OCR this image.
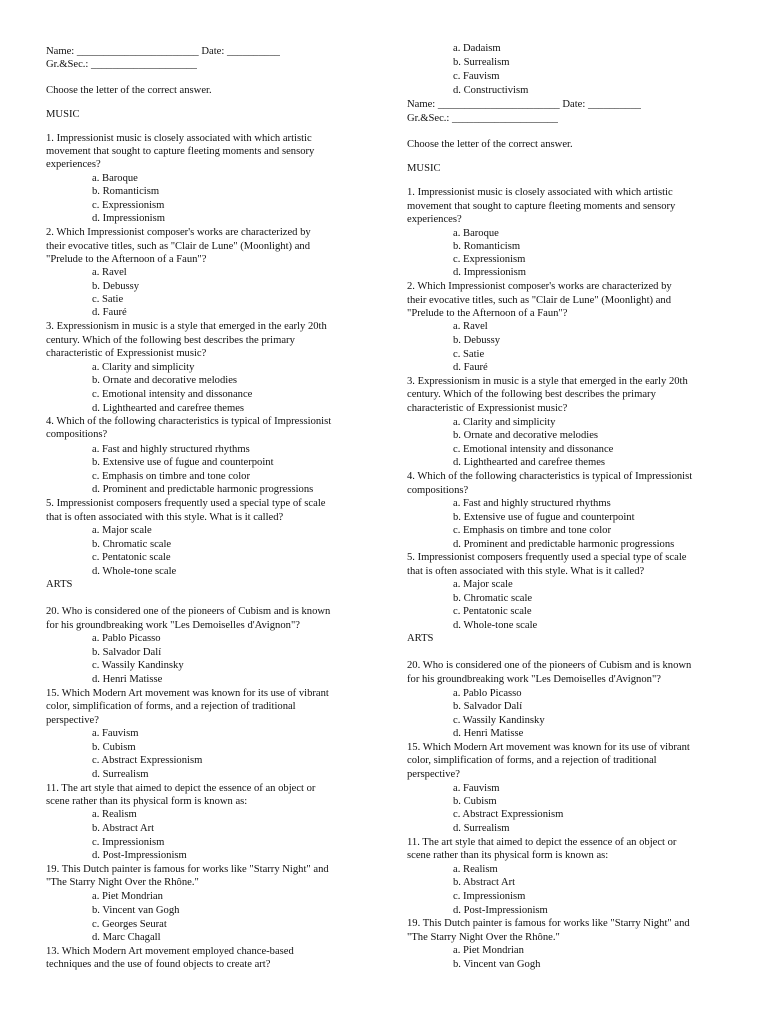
Name: _______________________ Date: __________
Gr.&Sec.: ____________________
Choose the letter of the correct answer.
MUSIC
1. Impressionist music is closely associated with which artistic
movement that sought to capture fleeting moments and sensory
experiences?
a. Baroque
b. Romanticism
c. Expressionism
d. Impressionism
2. Which Impressionist composer's works are characterized by
their evocative titles, such as "Clair de Lune" (Moonlight) and
"Prelude to the Afternoon of a Faun"?
a. Ravel
b. Debussy
c. Satie
d. Fauré
3. Expressionism in music is a style that emerged in the early 20th
century. Which of the following best describes the primary
characteristic of Expressionist music?
a. Clarity and simplicity
b. Ornate and decorative melodies
c. Emotional intensity and dissonance
d. Lighthearted and carefree themes
4. Which of the following characteristics is typical of Impressionist
compositions?
a. Fast and highly structured rhythms
b. Extensive use of fugue and counterpoint
c. Emphasis on timbre and tone color
d. Prominent and predictable harmonic progressions
5. Impressionist composers frequently used a special type of scale
that is often associated with this style. What is it called?
a. Major scale
b. Chromatic scale
c. Pentatonic scale
d. Whole-tone scale
ARTS
20. Who is considered one of the pioneers of Cubism and is known
for his groundbreaking work "Les Demoiselles d'Avignon"?
a. Pablo Picasso
b. Salvador Dalí
c. Wassily Kandinsky
d. Henri Matisse
15. Which Modern Art movement was known for its use of vibrant
color, simplification of forms, and a rejection of traditional
perspective?
a. Fauvism
b. Cubism
c. Abstract Expressionism
d. Surrealism
11. The art style that aimed to depict the essence of an object or
scene rather than its physical form is known as:
a. Realism
b. Abstract Art
c. Impressionism
d. Post-Impressionism
19. This Dutch painter is famous for works like "Starry Night" and
"The Starry Night Over the Rhône."
a. Piet Mondrian
b. Vincent van Gogh
c. Georges Seurat
d. Marc Chagall
13. Which Modern Art movement employed chance-based
techniques and the use of found objects to create art?
a. Dadaism
b. Surrealism
c. Fauvism
d. Constructivism
Name: _______________________ Date: __________
Gr.&Sec.: ____________________
Choose the letter of the correct answer.
MUSIC
1. Impressionist music is closely associated with which artistic
movement that sought to capture fleeting moments and sensory
experiences?
a. Baroque
b. Romanticism
c. Expressionism
d. Impressionism
2. Which Impressionist composer's works are characterized by
their evocative titles, such as "Clair de Lune" (Moonlight) and
"Prelude to the Afternoon of a Faun"?
a. Ravel
b. Debussy
c. Satie
d. Fauré
3. Expressionism in music is a style that emerged in the early 20th
century. Which of the following best describes the primary
characteristic of Expressionist music?
a. Clarity and simplicity
b. Ornate and decorative melodies
c. Emotional intensity and dissonance
d. Lighthearted and carefree themes
4. Which of the following characteristics is typical of Impressionist
compositions?
a. Fast and highly structured rhythms
b. Extensive use of fugue and counterpoint
c. Emphasis on timbre and tone color
d. Prominent and predictable harmonic progressions
5. Impressionist composers frequently used a special type of scale
that is often associated with this style. What is it called?
a. Major scale
b. Chromatic scale
c. Pentatonic scale
d. Whole-tone scale
ARTS
20. Who is considered one of the pioneers of Cubism and is known
for his groundbreaking work "Les Demoiselles d'Avignon"?
a. Pablo Picasso
b. Salvador Dalí
c. Wassily Kandinsky
d. Henri Matisse
15. Which Modern Art movement was known for its use of vibrant
color, simplification of forms, and a rejection of traditional
perspective?
a. Fauvism
b. Cubism
c. Abstract Expressionism
d. Surrealism
11. The art style that aimed to depict the essence of an object or
scene rather than its physical form is known as:
a. Realism
b. Abstract Art
c. Impressionism
d. Post-Impressionism
19. This Dutch painter is famous for works like "Starry Night" and
"The Starry Night Over the Rhône."
a. Piet Mondrian
b. Vincent van Gogh
